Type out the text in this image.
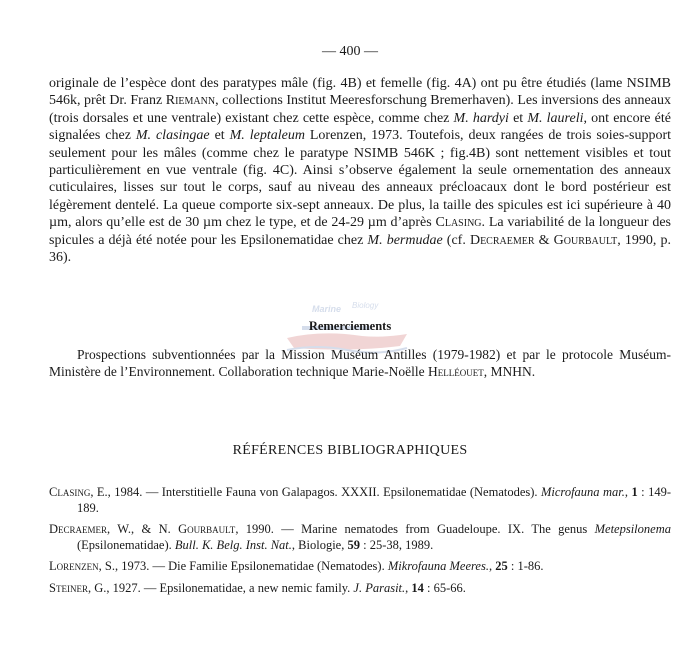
— 400 —

originale de l’espèce dont des paratypes mâle (fig. 4B) et femelle (fig. 4A) ont pu être étudiés (lame NSIMB 546k, prêt Dr. Franz Riemann, collections Institut Meeresforschung Bremerhaven). Les inversions des anneaux (trois dorsales et une ventrale) existant chez cette espèce, comme chez M. hardyi et M. laureli, ont encore été signalées chez M. clasingae et M. leptaleum Lorenzen, 1973. Toutefois, deux rangées de trois soies-support seulement pour les mâles (comme chez le paratype NSIMB 546K ; fig.4B) sont nettement visibles et tout particulièrement en vue ventrale (fig. 4C). Ainsi s’observe également la seule ornementation des anneaux cuticulaires, lisses sur tout le corps, sauf au niveau des anneaux précloacaux dont le bord postérieur est légèrement dentelé. La queue comporte six-sept anneaux. De plus, la taille des spicules est ici supérieure à 40 µm, alors qu’elle est de 30 µm chez le type, et de 24-29 µm d’après Clasing. La variabilité de la longueur des spicules a déjà été notée pour les Epsilonematidae chez M. bermudae (cf. Decraemer & Gourbault, 1990, p. 36).

Marine Biology
Remerciements

Prospections subventionnées par la Mission Muséum Antilles (1979-1982) et par le protocole Muséum-Ministère de l’Environnement. Collaboration technique Marie-Noëlle Helléouet, MNHN.

RÉFÉRENCES BIBLIOGRAPHIQUES

Clasing, E., 1984. — Interstitielle Fauna von Galapagos. XXXII. Epsilonematidae (Nematodes). Microfauna mar., 1 : 149-189.

Decraemer, W., & N. Gourbault, 1990. — Marine nematodes from Guadeloupe. IX. The genus Metepsilonema (Epsilonematidae). Bull. K. Belg. Inst. Nat., Biologie, 59 : 25-38, 1989.

Lorenzen, S., 1973. — Die Familie Epsilonematidae (Nematodes). Mikrofauna Meeres., 25 : 1-86.

Steiner, G., 1927. — Epsilonematidae, a new nemic family. J. Parasit., 14 : 65-66.
